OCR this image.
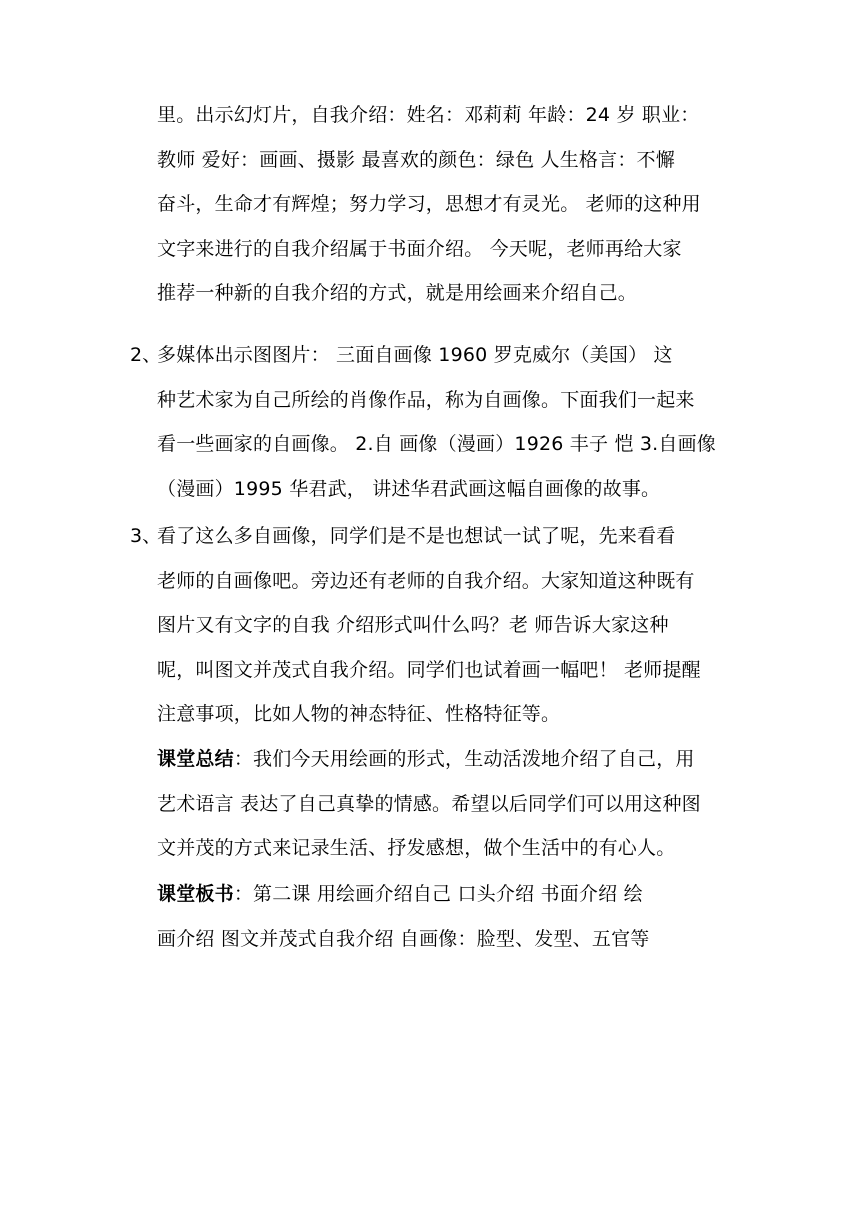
里。出示幻灯片，自我介绍：姓名：邓莉莉 年龄：24 岁 职业：
教师 爱好：画画、摄影 最喜欢的颜色：绿色 人生格言：不懈
奋斗，生命才有辉煌；努力学习，思想才有灵光。 老师的这种用
文字来进行的自我介绍属于书面介绍。 今天呢，老师再给大家
推荐一种新的自我介绍的方式，就是用绘画来介绍自己。
2、
多媒体出示图图片： 三面自画像 1960 罗克威尔（美国） 这
种艺术家为自己所绘的肖像作品，称为自画像。下面我们一起来
看一些画家的自画像。 2.自 画像（漫画）1926 丰子 恺 3.自画像
（漫画）1995 华君武， 讲述华君武画这幅自画像的故事。
3、
看了这么多自画像，同学们是不是也想试一试了呢，先来看看
老师的自画像吧。旁边还有老师的自我介绍。大家知道这种既有
图片又有文字的自我 介绍形式叫什么吗？老 师告诉大家这种
呢，叫图文并茂式自我介绍。同学们也试着画一幅吧！ 老师提醒
注意事项，比如人物的神态特征、性格特征等。
课堂总结：我们今天用绘画的形式，生动活泼地介绍了自己，用
艺术语言 表达了自己真挚的情感。希望以后同学们可以用这种图
文并茂的方式来记录生活、抒发感想，做个生活中的有心人。
课堂板书：第二课 用绘画介绍自己 口头介绍 书面介绍 绘
画介绍 图文并茂式自我介绍 自画像：脸型、发型、五官等
